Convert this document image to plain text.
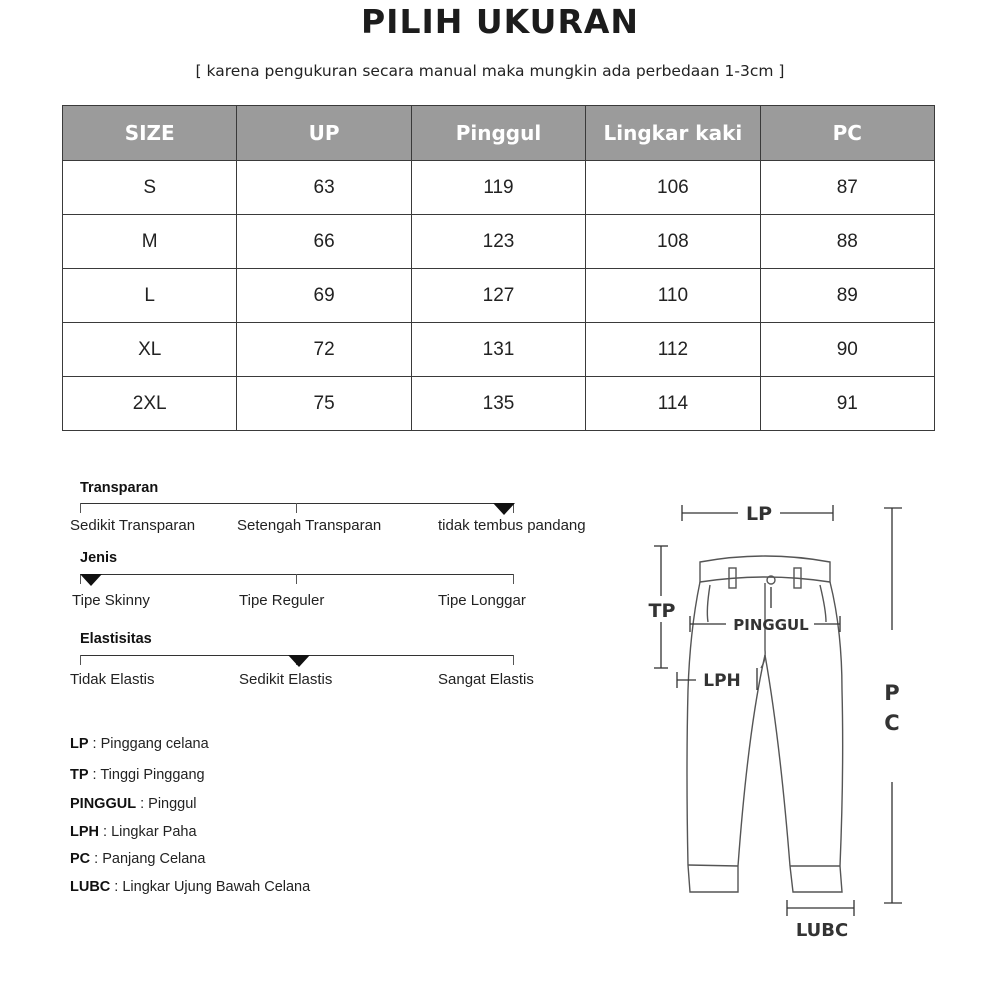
PILIH UKURAN
[ karena pengukuran secara manual maka mungkin ada perbedaan 1-3cm ]
SIZE	UP	Pinggul	Lingkar kaki	PC
S	63	119	106	87
M	66	123	108	88
L	69	127	110	89
XL	72	131	112	90
2XL	75	135	114	91
Transparan
Sedikit Transparan	Setengah Transparan	tidak tembus pandang
Jenis
Tipe Skinny	Tipe Reguler	Tipe Longgar
Elastisitas
Tidak Elastis	Sedikit Elastis	Sangat Elastis
LP : Pinggang celana
TP : Tinggi Pinggang
PINGGUL : Pinggul
LPH : Lingkar Paha
PC : Panjang Celana
LUBC : Lingkar Ujung Bawah Celana
LP
TP
PINGGUL
LPH	P
C
LUBC
